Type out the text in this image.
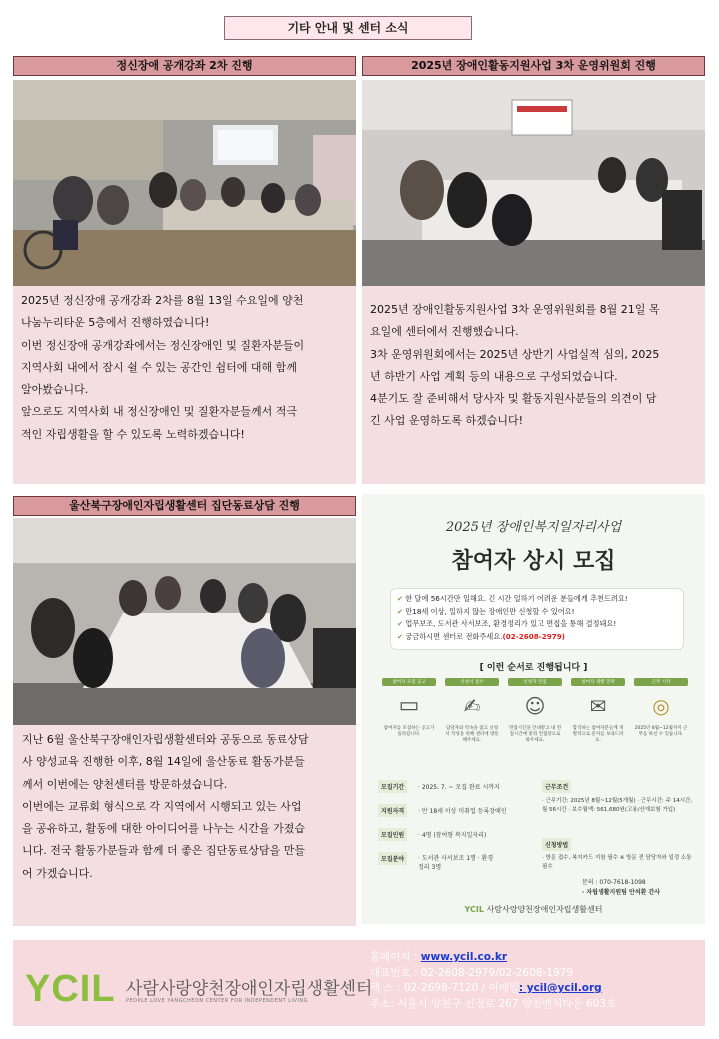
기타 안내 및 센터 소식
정신장애 공개강좌 2차 진행

2025년 정신장애 공개강좌 2차를 8월 13일 수요일에 양천

나눔누리타운 5층에서 진행하였습니다!

이번 정신장애 공개강좌에서는 정신장애인 및 질환자분들이

지역사회 내에서 잠시 쉴 수 있는 공간인 쉼터에 대해 함께

알아봤습니다.

앞으로도 지역사회 내 정신장애인 및 질환자분들께서 적극

적인 자립생활을 할 수 있도록 노력하겠습니다!

2025년 장애인활동지원사업 3차 운영위원회 진행

2025년 장애인활동지원사업 3차 운영위원회를 8월 21일 목

요일에 센터에서 진행했습니다.

3차 운영위원회에서는 2025년 상반기 사업실적 심의, 2025

년 하반기 사업 계획 등의 내용으로 구성되었습니다.

4분기도 잘 준비해서 당사자 및 활동지원사분들의 의견이 담

긴 사업 운영하도록 하겠습니다!

울산북구장애인자립생활센터 집단동료상담 진행

지난 6월 울산북구장애인자립생활센터와 공동으로 동료상담

사 양성교육 진행한 이후, 8월 14일에 울산동료 활동가분들

께서 이번에는 양천센터를 방문하셨습니다.

이번에는 교류회 형식으로 각 지역에서 시행되고 있는 사업

을 공유하고, 활동에 대한 아이디어를 나누는 시간을 가졌습

니다. 전국 활동가분들과 함께 더 좋은 집단동료상담을 만들

어 가겠습니다.

2025년 장애인복지일자리사업
참여자 상시 모집
✔ 한 달에 56시간만 일해요. 긴 시간 일하기 어려운 분들에게 추천드려요!
✔ 만18세 이상, 일하지 않는 장애인만 신청할 수 있어요!
✔ 업무보조, 도서관 사서보조, 환경정리가 있고 면접을 통해 결정돼요!
✔ 궁금하시면 센터로 전화주세요.(02-2608-2979)
[ 이런 순서로 진행됩니다 ]
참여자 모집 공고
▭
참여자를 모집하는 공고가 올라갑니다.
신청서 접수
✍
담당자와 약속을 잡고 신청서 작성을 위해 센터에 방문해주세요.
신청자 면접
☺
면접시간을 안내받고 내 면접시간에 맞춰 면접장으로 와주세요.
참여자 개별 연락
✉
합격하는 참여자분들께 개별적으로 문자를 보내드려요.
근무 시작
◎
2025년 8월~12월까지 근무를 하실 수 있습니다.
모집기간	· 2025. 7. ~ 모집 완료 시까지
지원자격	· 만 18세 이상 미취업 등록장애인
모집인원	· 4명 (참여형 복지일자리)
모집분야	· 도서관 사서보조 1명 · 환경정리 3명
근무조건
· 근무기간: 2025년 8월~12월(5개월) · 근무시간: 주 14시간, 월 56시간 · 보수월액: 561,680원(고용/산재보험 가입)
신청방법
· 방문 접수, 복지카드 지참 필수 ※ 방문 전 담당자와 일정 소통 필수
문의 : 070-7618-1098
· 자립생활지원팀 안석환 간사
YCIL 사람사랑양천장애인자립생활센터
YCIL 사람사랑양천장애인자립생활센터
PEOPLE LOVE YANGCHEON CENTER FOR INDEPENDENT LIVING
홈페이지 : www.ycil.co.kr
대표번호 : 02-2608-2979/02-2608-1979
팩 스 : 02-2698-7120 / 이메일: ycil@ycil.org
주소: 서울시 양천구 신정로 267 양천벤처타운 603호
